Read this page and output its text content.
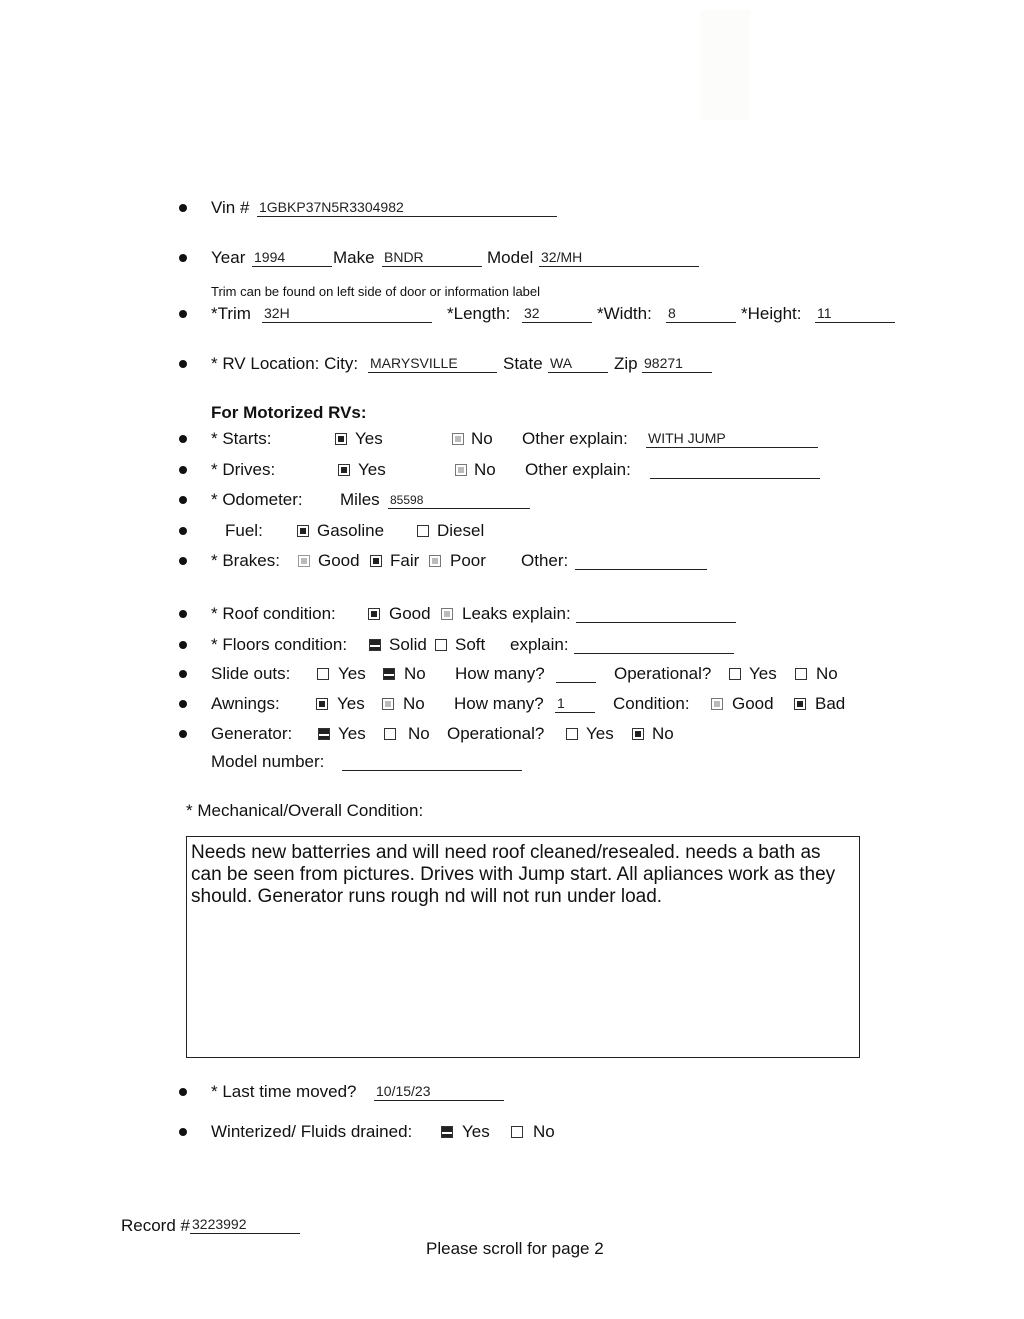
Vin # 1GBKP37N5R3304982
Year 1994	Make BNDR	Model 32/MH
Trim can be found on left side of door or information label
*Trim 32H	*Length: 32	*Width: 8	*Height: 11
* RV Location: City: MARYSVILLE	State WA Zip 98271
For Motorized RVs:
* Starts:	Yes	No Other explain: WITH JUMP
* Drives:	Yes	No Other explain:
* Odometer: Miles 85598
Fuel:	Gasoline	Diesel
* Brakes: Good Fair Poor Other:
* Roof condition:	Good Leaks explain:
* Floors condition: Solid Soft explain:
Slide outs:	Yes No How many?	Operational? Yes No
Awnings:	Yes No How many? 1	Condition: Good Bad
Generator:	Yes No Operational? Yes No
Model number:
* Mechanical/Overall Condition:

Needs new batterries and will need roof cleaned/resealed. needs a bath as can be seen from pictures. Drives with Jump start. All apliances work as they should. Generator runs rough nd will not run under load.

* Last time moved? 10/15/23
Winterized/ Fluids drained:	Yes	No
Record # 3223992
Please scroll for page 2
